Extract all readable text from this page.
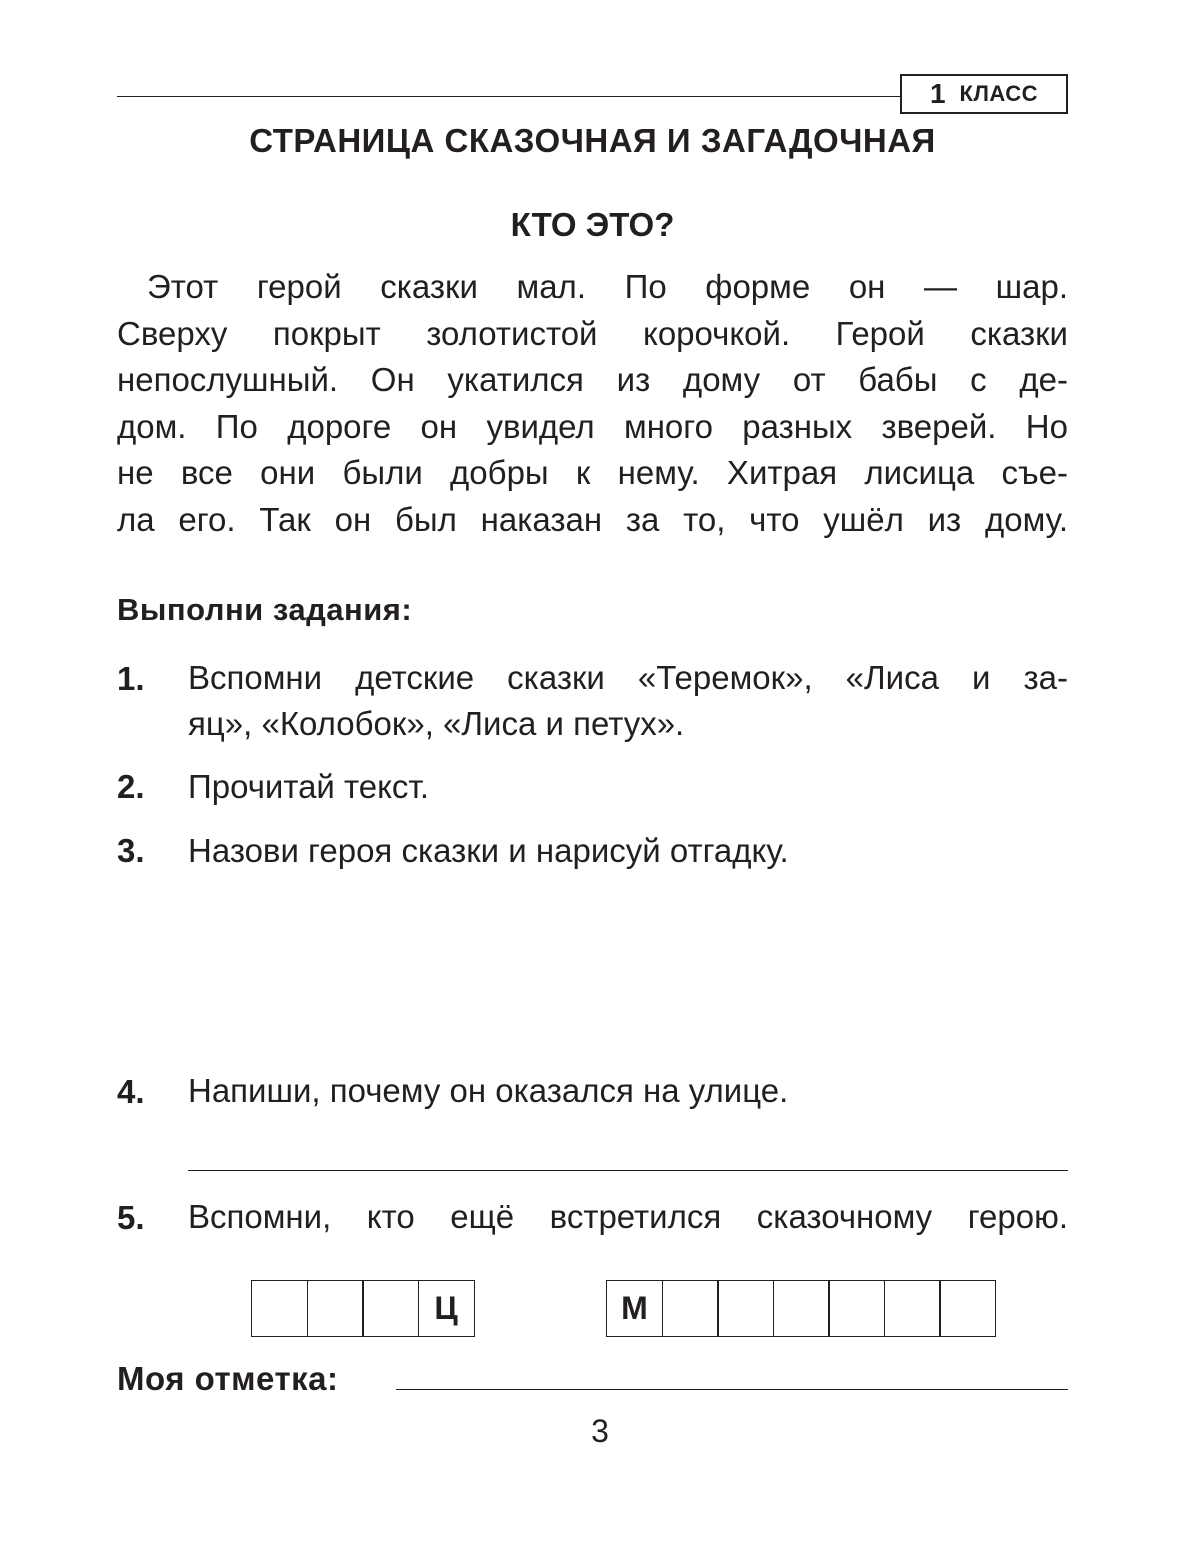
1 КЛАСС
СТРАНИЦА СКАЗОЧНАЯ И ЗАГАДОЧНАЯ
КТО ЭТО?

Этот герой сказки мал. По форме он — шар.
Сверху покрыт золотистой корочкой. Герой сказки
непослушный. Он укатился из дому от бабы с де-
дом. По дороге он увидел много разных зверей. Но
не все они были добры к нему. Хитрая лисица съе-
ла его. Так он был наказан за то, что ушёл из дому.

Выполни задания:
1. Вспомни детские сказки «Теремок», «Лиса и за-
яц», «Колобок», «Лиса и петух».
2. Прочитай текст.
3. Назови героя сказки и нарисуй отгадку.
4. Напиши, почему он оказался на улице.
5. Вспомни, кто ещё встретился сказочному герою.
Ц	М
Моя отметка:
3
